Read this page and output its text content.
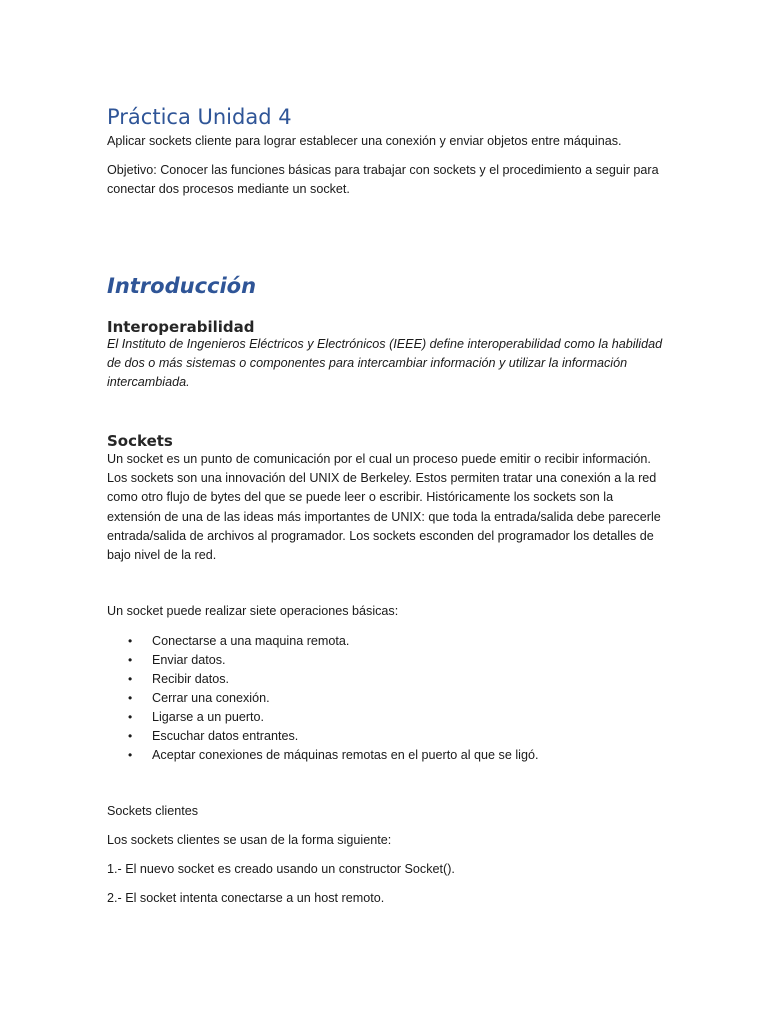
Práctica Unidad 4

Aplicar sockets cliente para lograr establecer una conexión y enviar objetos entre máquinas.

Objetivo: Conocer las funciones básicas para trabajar con sockets y el procedimiento a seguir para conectar dos procesos mediante un socket.

Introducción
Interoperabilidad

El Instituto de Ingenieros Eléctricos y Electrónicos (IEEE) define interoperabilidad como la habilidad de dos o más sistemas o componentes para intercambiar información y utilizar la información intercambiada.

Sockets

Un socket es un punto de comunicación por el cual un proceso puede emitir o recibir información. Los sockets son una innovación del UNIX de Berkeley. Estos permiten tratar una conexión a la red como otro flujo de bytes del que se puede leer o escribir. Históricamente los sockets son la extensión de una de las ideas más importantes de UNIX: que toda la entrada/salida debe parecerle entrada/salida de archivos al programador. Los sockets esconden del programador los detalles de bajo nivel de la red.

Un socket puede realizar siete operaciones básicas:

• Conectarse a una maquina remota.
• Enviar datos.
• Recibir datos.
• Cerrar una conexión.
• Ligarse a un puerto.
• Escuchar datos entrantes.
• Aceptar conexiones de máquinas remotas en el puerto al que se ligó.

Sockets clientes

Los sockets clientes se usan de la forma siguiente:

1.- El nuevo socket es creado usando un constructor Socket().

2.- El socket intenta conectarse a un host remoto.
